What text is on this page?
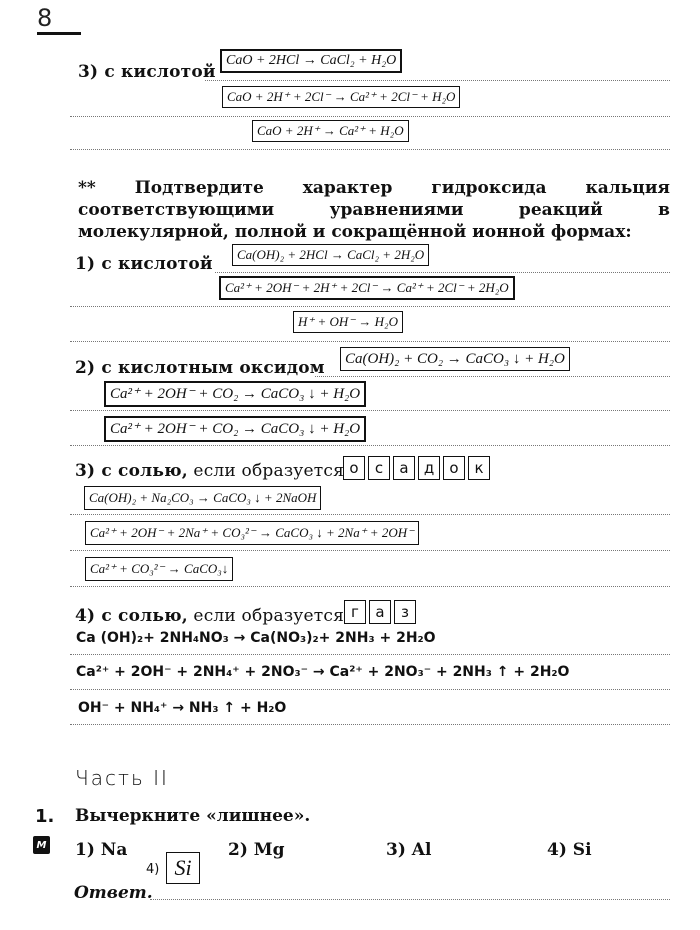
8
3) с кислотой
CaO + 2HCl → CaCl₂ + H₂O
CaO + 2H⁺ + 2Cl⁻ → Ca²⁺ + 2Cl⁻ + H₂O
CaO + 2H⁺ → Ca²⁺ + H₂O
** Подтвердите характер гидроксида кальция соответствующими уравнениями реакций в молекулярной, полной и сокращённой ионной формах:
1) с кислотой	Ca(OH)₂ + 2HCl → CaCl₂ + 2H₂O
Ca²⁺ + 2OH⁻ + 2H⁺ + 2Cl⁻ → Ca²⁺ + 2Cl⁻ + 2H₂O
H⁺ + OH⁻ → H₂O
2) с кислотным оксидом	Ca(OH)₂ + CO₂ → CaCO₃ ↓ + H₂O
Ca²⁺ + 2OH⁻ + CO₂ → CaCO₃ ↓ + H₂O
Ca²⁺ + 2OH⁻ + CO₂ → CaCO₃ ↓ + H₂O
3) с солью, если образуется о	с	а	д	о	к
Ca(OH)₂ + Na₂CO₃ → CaCO₃ ↓ + 2NaOH
Ca²⁺ + 2OH⁻ + 2Na⁺ + CO₃²⁻ → CaCO₃ ↓ + 2Na⁺ + 2OH⁻
Ca²⁺ + CO₃²⁻ → CaCO₃↓
4) с солью, если образуется г	а	з
Ca (OH)₂+ 2NH₄NO₃ → Ca(NO₃)₂+ 2NH₃ + 2H₂O
Ca²⁺ + 2OH⁻ + 2NH₄⁺ + 2NO₃⁻ → Ca²⁺ + 2NO₃⁻ + 2NH₃ ↑ + 2H₂O
OH⁻ + NH₄⁺ → NH₃ ↑ + H₂O
Часть II
1. Вычеркните «лишнее».
M 1) Na	2) Mg	3) Al	4) Si
4) Si
Ответ.
